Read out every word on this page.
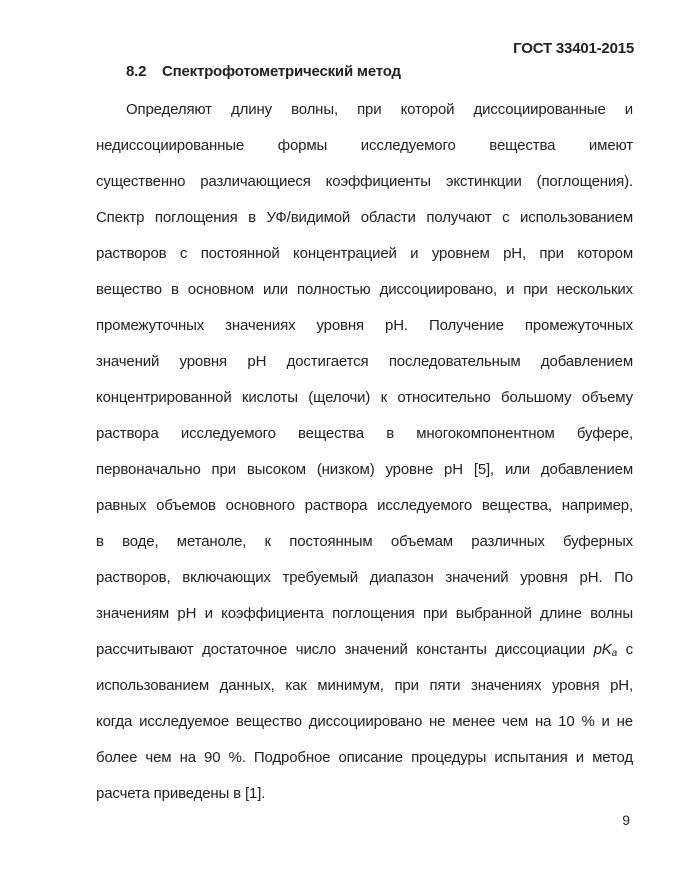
ГОСТ 33401-2015
8.2 Спектрофотометрический метод
Определяют длину волны, при которой диссоциированные и
недиссоциированные формы исследуемого вещества имеют
существенно различающиеся коэффициенты экстинкции (поглощения).
Спектр поглощения в УФ/видимой области получают с использованием
растворов с постоянной концентрацией и уровнем pH, при котором
вещество в основном или полностью диссоциировано, и при нескольких
промежуточных значениях уровня pH. Получение промежуточных
значений уровня pH достигается последовательным добавлением
концентрированной кислоты (щелочи) к относительно большому объему
раствора исследуемого вещества в многокомпонентном буфере,
первоначально при высоком (низком) уровне pH [5], или добавлением
равных объемов основного раствора исследуемого вещества, например,
в воде, метаноле, к постоянным объемам различных буферных
растворов, включающих требуемый диапазон значений уровня pH. По
значениям pH и коэффициента поглощения при выбранной длине волны
рассчитывают достаточное число значений константы диссоциации $pK_a$ с
использованием данных, как минимум, при пяти значениях уровня pH,
когда исследуемое вещество диссоциировано не менее чем на 10 % и не
более чем на 90 %. Подробное описание процедуры испытания и метод
расчета приведены в [1].
9
